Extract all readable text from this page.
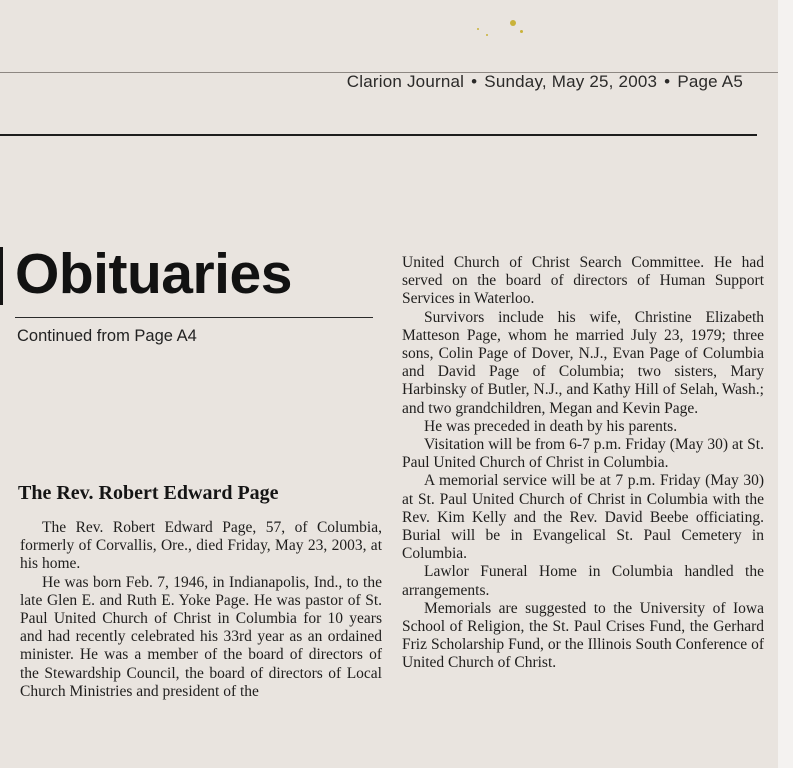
Clarion Journal • Sunday, May 25, 2003 • Page A5
Obituaries
Continued from Page A4
The Rev. Robert Edward Page

The Rev. Robert Edward Page, 57, of Columbia, formerly of Corvallis, Ore., died Friday, May 23, 2003, at his home.

He was born Feb. 7, 1946, in Indianapolis, Ind., to the late Glen E. and Ruth E. Yoke Page. He was pastor of St. Paul United Church of Christ in Columbia for 10 years and had recently celebrated his 33rd year as an ordained minister. He was a member of the board of directors of the Stewardship Council, the board of directors of Local Church Ministries and president of the

United Church of Christ Search Committee. He had served on the board of directors of Human Support Services in Waterloo.

Survivors include his wife, Christine Elizabeth Matteson Page, whom he married July 23, 1979; three sons, Colin Page of Dover, N.J., Evan Page of Columbia and David Page of Columbia; two sisters, Mary Harbinsky of Butler, N.J., and Kathy Hill of Selah, Wash.; and two grandchildren, Megan and Kevin Page.

He was preceded in death by his parents.

Visitation will be from 6-7 p.m. Friday (May 30) at St. Paul United Church of Christ in Columbia.

A memorial service will be at 7 p.m. Friday (May 30) at St. Paul United Church of Christ in Columbia with the Rev. Kim Kelly and the Rev. David Beebe officiating. Burial will be in Evangelical St. Paul Cemetery in Columbia.

Lawlor Funeral Home in Columbia handled the arrangements.

Memorials are suggested to the University of Iowa School of Religion, the St. Paul Crises Fund, the Gerhard Friz Scholarship Fund, or the Illinois South Conference of United Church of Christ.
